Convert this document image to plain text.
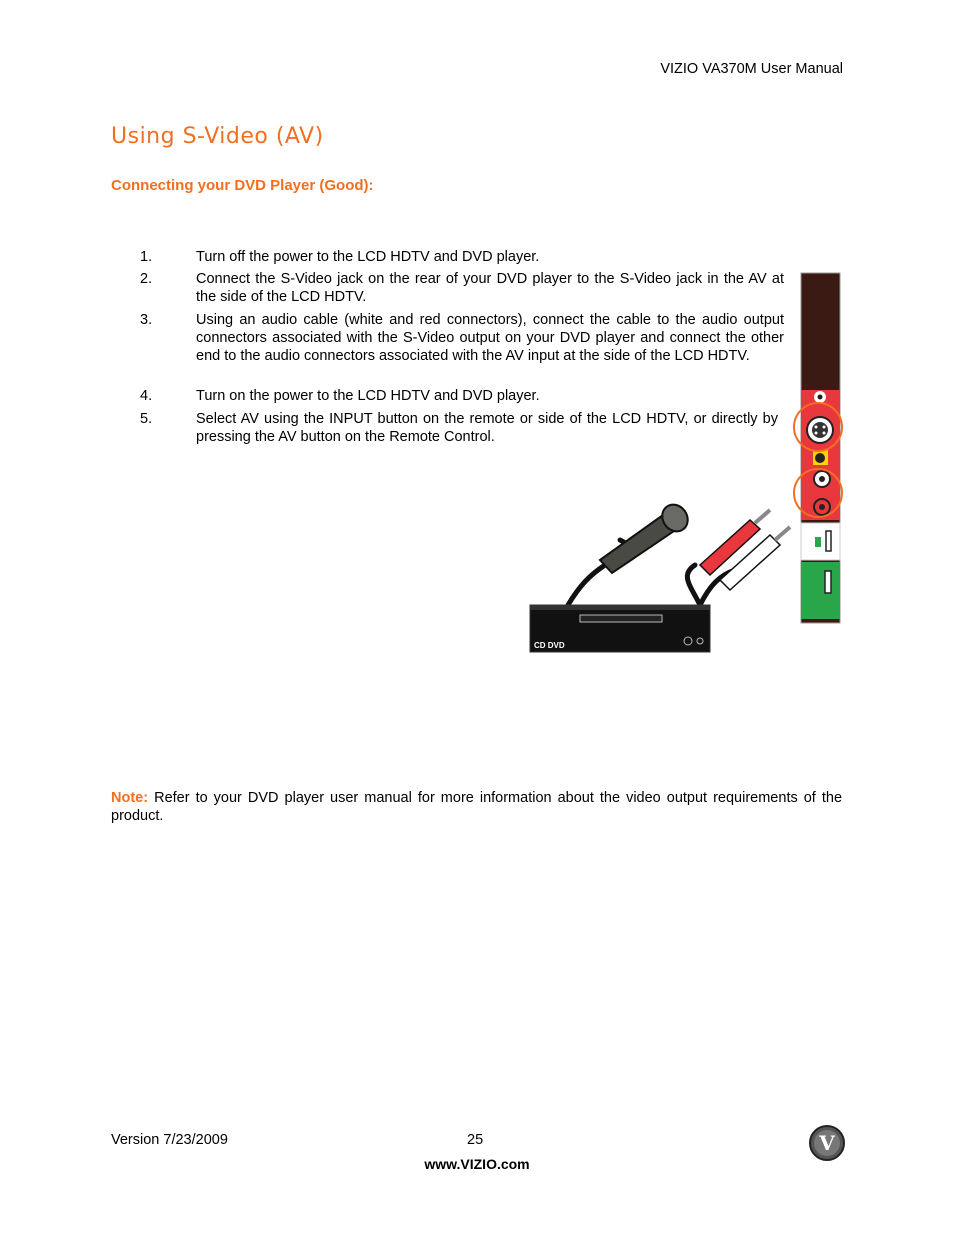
VIZIO VA370M User Manual
Using S-Video (AV)
Connecting your DVD Player (Good):
1.	Turn off the power to the LCD HDTV and DVD player.
2.	Connect the S-Video jack on the rear of your DVD player to the S-Video jack in the AV at the side of the LCD HDTV.
3.	Using an audio cable (white and red connectors), connect the cable to the audio output connectors associated with the S-Video output on your DVD player and connect the other end to the audio connectors associated with the AV input at the side of the LCD HDTV.
4.	Turn on the power to the LCD HDTV and DVD player.
5.	Select AV using the INPUT button on the remote or side of the LCD HDTV, or directly by pressing the AV button on the Remote Control.
CD DVD
Note: Refer to your DVD player user manual for more information about the video output requirements of the product.
Version 7/23/2009	25
www.VIZIO.com
V
